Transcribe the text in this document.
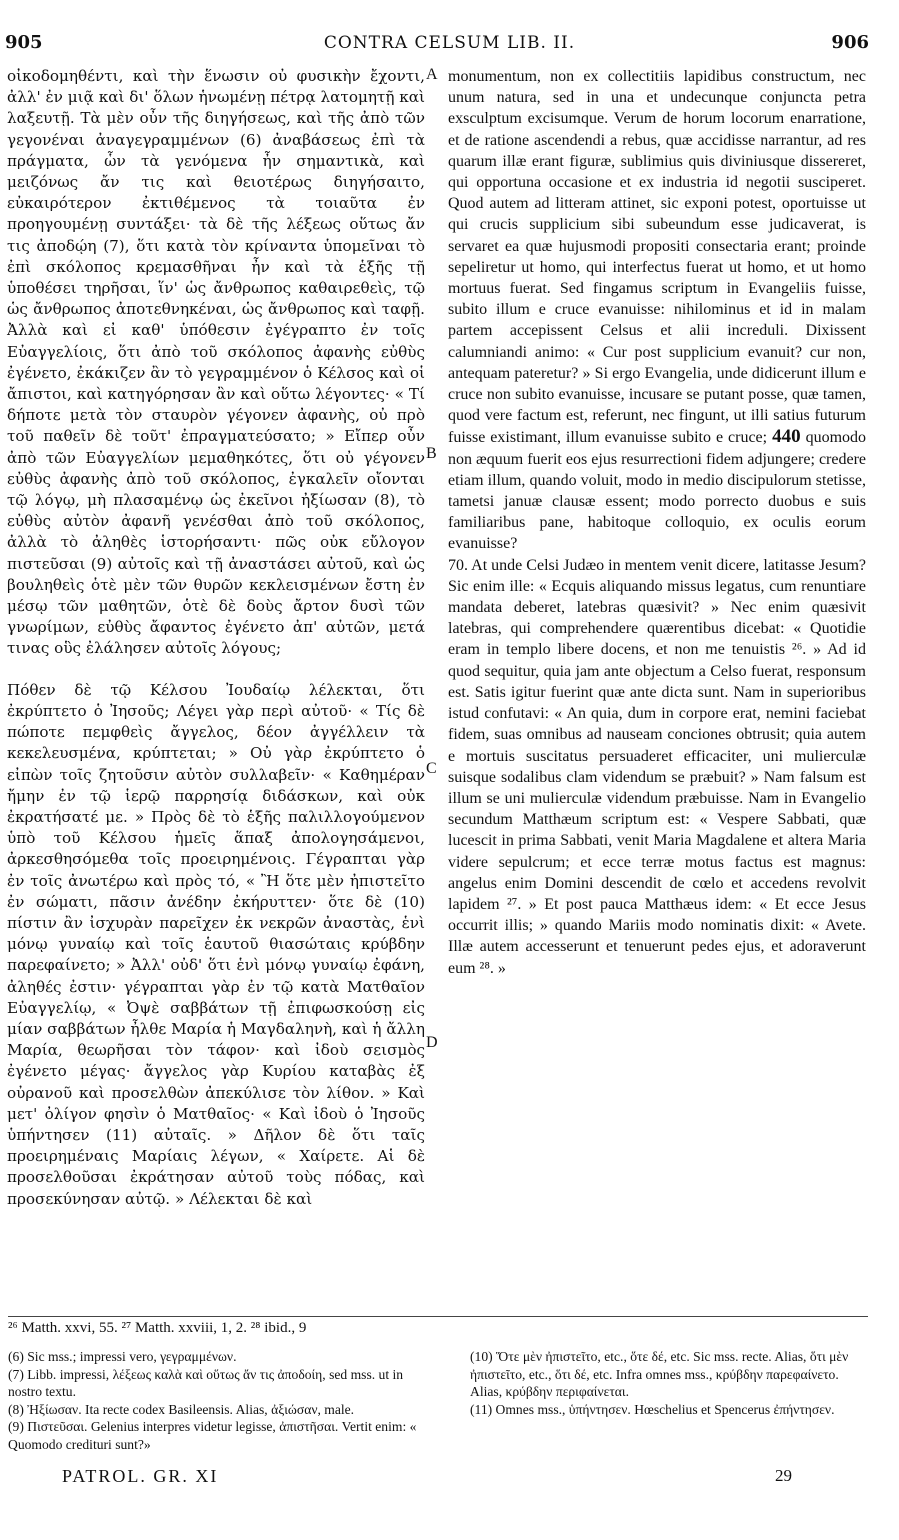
905	CONTRA CELSUM LIB. II.	906

οἰκοδομηθέντι, καὶ τὴν ἕνωσιν οὐ φυσικὴν ἔχοντι, ἀλλ' ἐν μιᾷ καὶ δι' ὅλων ἡνωμένῃ πέτρᾳ λατομητῇ καὶ λαξευτῇ. Τὰ μὲν οὖν τῆς διηγήσεως, καὶ τῆς ἀπὸ τῶν γεγονέναι ἀναγεγραμμένων (6) ἀναβάσεως ἐπὶ τὰ πράγματα, ὧν τὰ γενόμενα ἦν σημαντικὰ, καὶ μειζόνως ἄν τις καὶ θειοτέρως διηγήσαιτο, εὐκαιρότερον ἐκτιθέμενος τὰ τοιαῦτα ἐν προηγουμένῃ συντάξει· τὰ δὲ τῆς λέξεως οὕτως ἄν τις ἀποδῴη (7), ὅτι κατὰ τὸν κρίναντα ὑπομεῖναι τὸ ἐπὶ σκόλοπος κρεμασθῆναι ἦν καὶ τὰ ἑξῆς τῇ ὑποθέσει τηρῆσαι, ἵν' ὡς ἄνθρωπος καθαιρεθεὶς, τῷ ὡς ἄνθρωπος ἀποτεθνηκέναι, ὡς ἄνθρωπος καὶ ταφῇ. Ἀλλὰ καὶ εἰ καθ' ὑπόθεσιν ἐγέγραπτο ἐν τοῖς Εὐαγγελίοις, ὅτι ἀπὸ τοῦ σκόλοπος ἀφανὴς εὐθὺς ἐγένετο, ἐκάκιζεν ἂν τὸ γεγραμμένον ὁ Κέλσος καὶ οἱ ἄπιστοι, καὶ κατηγόρησαν ἂν καὶ οὕτω λέγοντες· « Τί δήποτε μετὰ τὸν σταυρὸν γέγονεν ἀφανὴς, οὐ πρὸ τοῦ παθεῖν δὲ τοῦτ' ἐπραγματεύσατο; » Εἴπερ οὖν ἀπὸ τῶν Εὐαγγελίων μεμαθηκότες, ὅτι οὐ γέγονεν εὐθὺς ἀφανὴς ἀπὸ τοῦ σκόλοπος, ἐγκαλεῖν οἴονται τῷ λόγῳ, μὴ πλασαμένῳ ὡς ἐκεῖνοι ἠξίωσαν (8), τὸ εὐθὺς αὐτὸν ἀφανῆ γενέσθαι ἀπὸ τοῦ σκόλοπος, ἀλλὰ τὸ ἀληθὲς ἱστορήσαντι· πῶς οὐκ εὔλογον πιστεῦσαι (9) αὐτοῖς καὶ τῇ ἀναστάσει αὐτοῦ, καὶ ὡς βουληθεὶς ὁτὲ μὲν τῶν θυρῶν κεκλεισμένων ἔστη ἐν μέσῳ τῶν μαθητῶν, ὁτὲ δὲ δοὺς ἄρτον δυσὶ τῶν γνωρίμων, εὐθὺς ἄφαντος ἐγένετο ἀπ' αὐτῶν, μετά τινας οὓς ἐλάλησεν αὐτοῖς λόγους;

Πόθεν δὲ τῷ Κέλσου Ἰουδαίῳ λέλεκται, ὅτι ἐκρύπτετο ὁ Ἰησοῦς; Λέγει γὰρ περὶ αὐτοῦ· « Τίς δὲ πώποτε πεμφθεὶς ἄγγελος, δέον ἀγγέλλειν τὰ κεκελευσμένα, κρύπτεται; » Οὐ γὰρ ἐκρύπτετο ὁ εἰπὼν τοῖς ζητοῦσιν αὐτὸν συλλαβεῖν· « Καθημέραν ἤμην ἐν τῷ ἱερῷ παρρησίᾳ διδάσκων, καὶ οὐκ ἐκρατήσατέ με. » Πρὸς δὲ τὸ ἑξῆς παλιλλογούμενον ὑπὸ τοῦ Κέλσου ἡμεῖς ἅπαξ ἀπολογησάμενοι, ἀρκεσθησόμεθα τοῖς προειρημένοις. Γέγραπται γὰρ ἐν τοῖς ἀνωτέρω καὶ πρὸς τό, « Ἢ ὅτε μὲν ἠπιστεῖτο ἐν σώματι, πᾶσιν ἀνέδην ἐκήρυττεν· ὅτε δὲ (10) πίστιν ἂν ἰσχυρὰν παρεῖχεν ἐκ νεκρῶν ἀναστὰς, ἑνὶ μόνῳ γυναίῳ καὶ τοῖς ἑαυτοῦ θιασώταις κρύβδην παρεφαίνετο; » Ἀλλ' οὐδ' ὅτι ἑνὶ μόνῳ γυναίῳ ἐφάνη, ἀληθές ἐστιν· γέγραπται γὰρ ἐν τῷ κατὰ Ματθαῖον Εὐαγγελίῳ, « Ὀψὲ σαββάτων τῇ ἐπιφωσκούσῃ εἰς μίαν σαββάτων ἦλθε Μαρία ἡ Μαγδαληνὴ, καὶ ἡ ἄλλη Μαρία, θεωρῆσαι τὸν τάφον· καὶ ἰδοὺ σεισμὸς ἐγένετο μέγας· ἄγγελος γὰρ Κυρίου καταβὰς ἐξ οὐρανοῦ καὶ προσελθὼν ἀπεκύλισε τὸν λίθον. » Καὶ μετ' ὀλίγον φησὶν ὁ Ματθαῖος· « Καὶ ἰδοὺ ὁ Ἰησοῦς ὑπήντησεν (11) αὐταῖς. » Δῆλον δὲ ὅτι ταῖς προειρημέναις Μαρίαις λέγων, « Χαίρετε. Αἱ δὲ προσελθοῦσαι ἐκράτησαν αὐτοῦ τοὺς πόδας, καὶ προσεκύνησαν αὐτῷ. » Λέλεκται δὲ καὶ

A
B
C
D

monumentum, non ex collectitiis lapidibus constructum, nec unum natura, sed in una et undecunque conjuncta petra exsculptum excisumque. Verum de horum locorum enarratione, et de ratione ascendendi a rebus, quæ accidisse narrantur, ad res quarum illæ erant figuræ, sublimius quis diviniusque dissereret, qui opportuna occasione et ex industria id negotii susciperet. Quod autem ad litteram attinet, sic exponi potest, oportuisse ut qui crucis supplicium sibi subeundum esse judicaverat, is servaret ea quæ hujusmodi propositi consectaria erant; proinde sepeliretur ut homo, qui interfectus fuerat ut homo, et ut homo mortuus fuerat. Sed fingamus scriptum in Evangeliis fuisse, subito illum e cruce evanuisse: nihilominus et id in malam partem accepissent Celsus et alii increduli. Dixissent calumniandi animo: « Cur post supplicium evanuit? cur non, antequam pateretur? » Si ergo Evangelia, unde didicerunt illum e cruce non subito evanuisse, incusare se putant posse, quæ tamen, quod vere factum est, referunt, nec fingunt, ut illi satius futurum fuisse existimant, illum evanuisse subito e cruce; 440 quomodo non æquum fuerit eos ejus resurrectioni fidem adjungere; credere etiam illum, quando voluit, modo in medio discipulorum stetisse, tametsi januæ clausæ essent; modo porrecto duobus e suis familiaribus pane, habitoque colloquio, ex oculis eorum evanuisse?

70. At unde Celsi Judæo in mentem venit dicere, latitasse Jesum? Sic enim ille: « Ecquis aliquando missus legatus, cum renuntiare mandata deberet, latebras quæsivit? » Nec enim quæsivit latebras, qui comprehendere quærentibus dicebat: « Quotidie eram in templo libere docens, et non me tenuistis ²⁶. » Ad id quod sequitur, quia jam ante objectum a Celso fuerat, responsum est. Satis igitur fuerint quæ ante dicta sunt. Nam in superioribus istud confutavi: « An quia, dum in corpore erat, nemini faciebat fidem, suas omnibus ad nauseam conciones obtrusit; quia autem e mortuis suscitatus persuaderet efficaciter, uni mulierculæ suisque sodalibus clam videndum se præbuit? » Nam falsum est illum se uni mulierculæ videndum præbuisse. Nam in Evangelio secundum Matthæum scriptum est: « Vespere Sabbati, quæ lucescit in prima Sabbati, venit Maria Magdalene et altera Maria videre sepulcrum; et ecce terræ motus factus est magnus: angelus enim Domini descendit de cœlo et accedens revolvit lapidem ²⁷. » Et post pauca Matthæus idem: « Et ecce Jesus occurrit illis; » quando Mariis modo nominatis dixit: « Avete. Illæ autem accesserunt et tenuerunt pedes ejus, et adoraverunt eum ²⁸. »

²⁶ Matth. xxvi, 55. ²⁷ Matth. xxviii, 1, 2. ²⁸ ibid., 9

(6) Sic mss.; impressi vero, γεγραμμένων.

(7) Libb. impressi, λέξεως καλὰ καὶ οὕτως ἄν τις ἀποδοίη, sed mss. ut in nostro textu.

(8) Ἠξίωσαν. Ita recte codex Basileensis. Alias, ἀξιώσαν, male.

(9) Πιστεῦσαι. Gelenius interpres videtur legisse, ἀπιστῆσαι. Vertit enim: « Quomodo credituri sunt?»

(10) Ὅτε μὲν ἠπιστεῖτο, etc., ὅτε δέ, etc. Sic mss. recte. Alias, ὅτι μὲν ἠπιστεῖτο, etc., ὅτι δέ, etc. Infra omnes mss., κρύβδην παρεφαίνετο. Alias, κρύβδην περιφαίνεται.

(11) Omnes mss., ὑπήντησεν. Hœschelius et Spencerus ἐπήντησεν.

PATROL. GR. XI	29
